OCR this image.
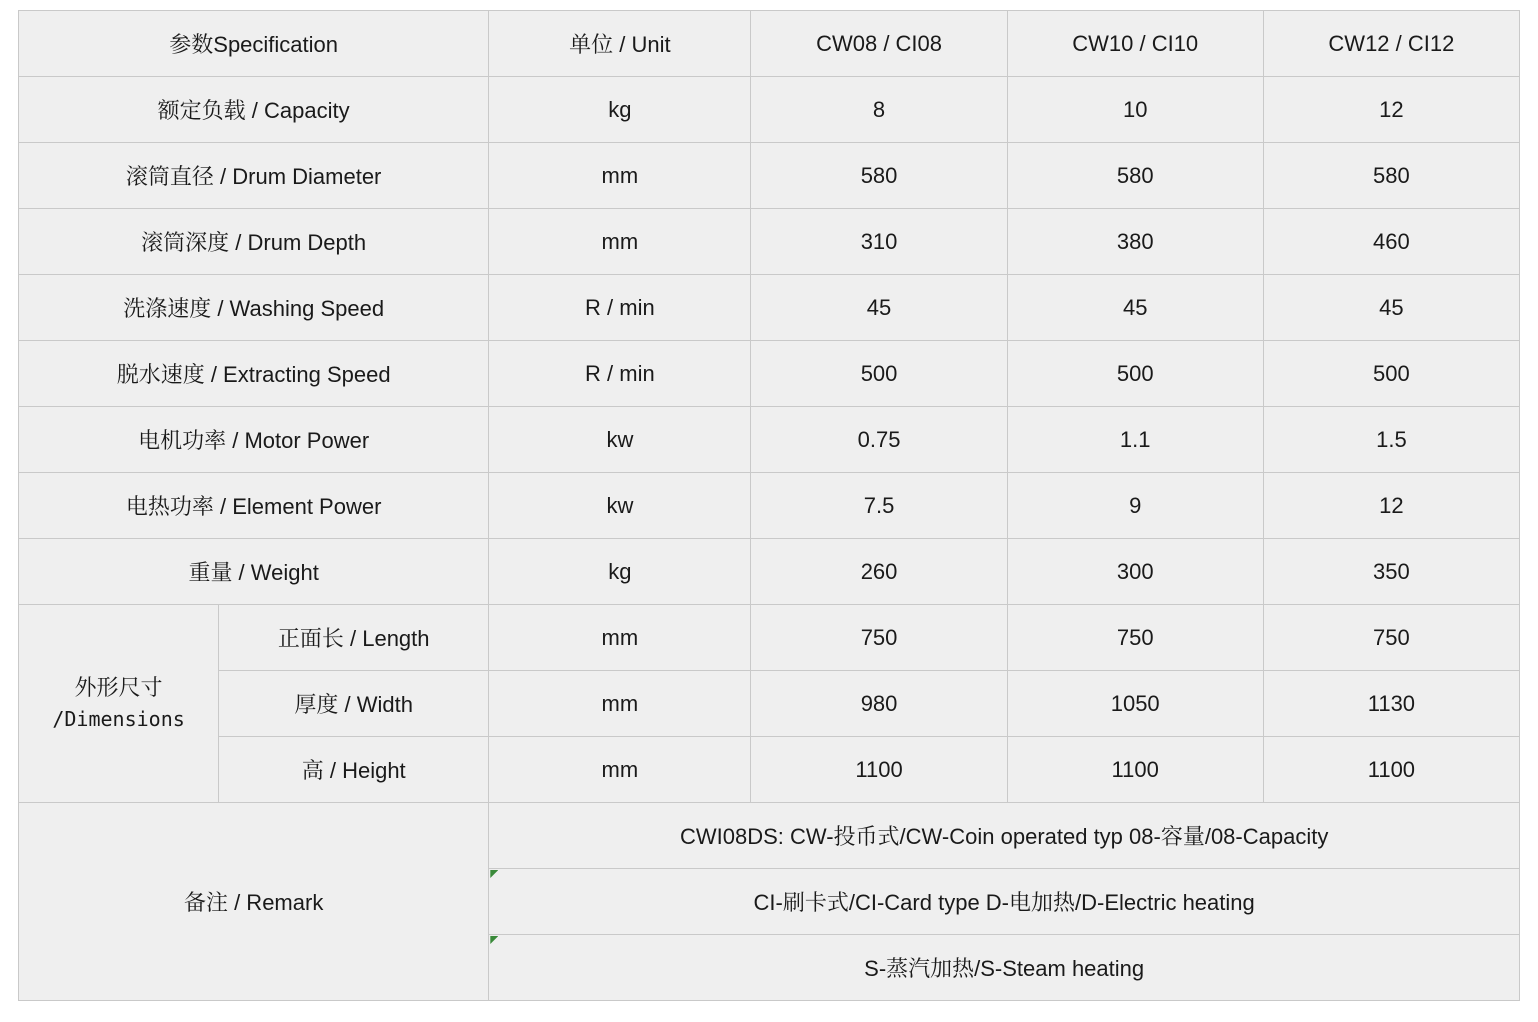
参数Specification		单位 / Unit	CW08 / CI08	CW10 / CI10	CW12 / CI12
额定负载 / Capacity		kg	8	10	12
滚筒直径 / Drum Diameter		mm	580	580	580
滚筒深度 / Drum Depth		mm	310	380	460
洗涤速度 / Washing Speed		R / min	45	45	45
脱水速度 / Extracting Speed		R / min	500	500	500
电机功率 / Motor Power		kw	0.75	1.1	1.5
电热功率 / Element Power		kw	7.5	9	12
重量 / Weight		kg	260	300	350

外形尺寸
/Dimensions	正面长 / Length	mm	750	750	750
	厚度 / Width	mm	980	1050	1130
	高 / Height	mm	1100	1100	1100
备注 / Remark		CWI08DS: CW-投币式/CW-Coin operated typ 08-容量/08-Capacity			

CI-刷卡式/CI-Card type D-电加热/D-Electric heating			

S-蒸汽加热/S-Steam heating			
